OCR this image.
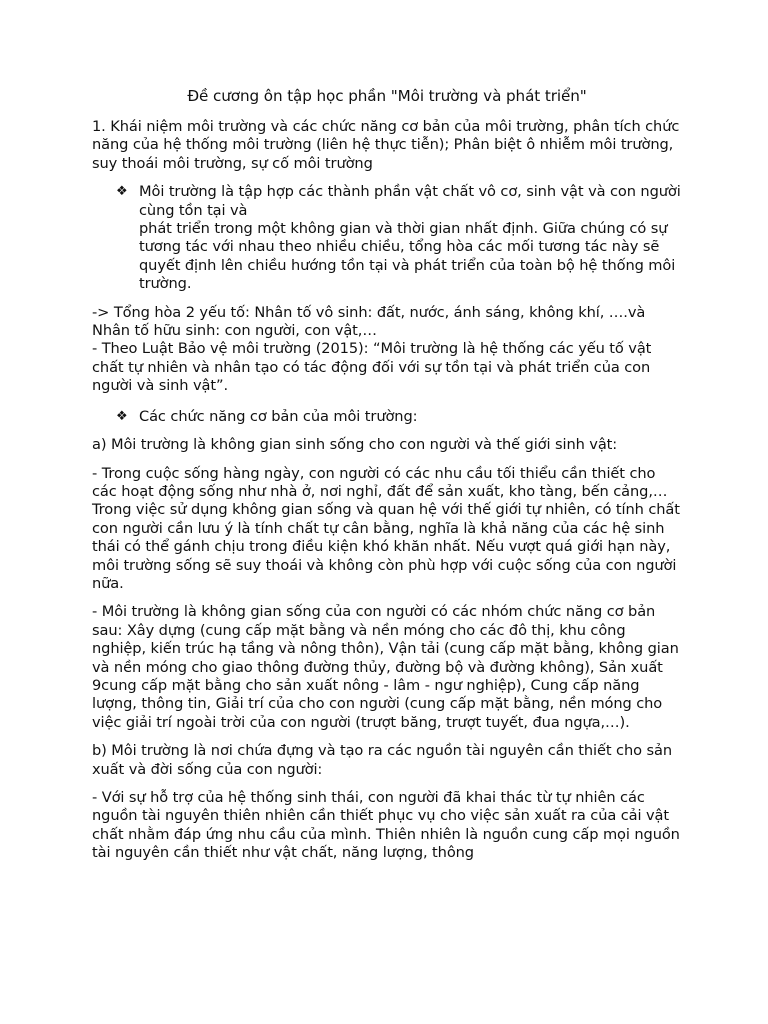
Đề cương ôn tập học phần "Môi trường và phát triển"

1. Khái niệm môi trường và các chức năng cơ bản của môi trường, phân tích chức năng của hệ thống môi trường (liên hệ thực tiễn); Phân biệt ô nhiễm môi trường, suy thoái môi trường, sự cố môi trường

❖ Môi trường là tập hợp các thành phần vật chất vô cơ, sinh vật và con người cùng tồn tại và
phát triển trong một không gian và thời gian nhất định. Giữa chúng có sự tương tác với nhau theo nhiều chiều, tổng hòa các mối tương tác này sẽ quyết định lên chiều hướng tồn tại và phát triển của toàn bộ hệ thống môi trường.
-> Tổng hòa 2 yếu tố: Nhân tố vô sinh: đất, nước, ánh sáng, không khí, ….và Nhân tố hữu sinh: con người, con vật,…
- Theo Luật Bảo vệ môi trường (2015): “Môi trường là hệ thống các yếu tố vật chất tự nhiên và nhân tạo có tác động đối với sự tồn tại và phát triển của con người và sinh vật”.
❖ Các chức năng cơ bản của môi trường:

a) Môi trường là không gian sinh sống cho con người và thế giới sinh vật:

- Trong cuộc sống hàng ngày, con người có các nhu cầu tối thiểu cần thiết cho các hoạt động sống như nhà ở, nơi nghỉ, đất để sản xuất, kho tàng, bến cảng,… Trong việc sử dụng không gian sống và quan hệ với thế giới tự nhiên, có tính chất con người cần lưu ý là tính chất tự cân bằng, nghĩa là khả năng của các hệ sinh thái có thể gánh chịu trong điều kiện khó khăn nhất. Nếu vượt quá giới hạn này, môi trường sống sẽ suy thoái và không còn phù hợp với cuộc sống của con người nữa.

- Môi trường là không gian sống của con người có các nhóm chức năng cơ bản sau: Xây dựng (cung cấp mặt bằng và nền móng cho các đô thị, khu công nghiệp, kiến trúc hạ tầng và nông thôn), Vận tải (cung cấp mặt bằng, không gian và nền móng cho giao thông đường thủy, đường bộ và đường không), Sản xuất 9cung cấp mặt bằng cho sản xuất nông - lâm - ngư nghiệp), Cung cấp năng lượng, thông tin, Giải trí của cho con người (cung cấp mặt bằng, nền móng cho việc giải trí ngoài trời của con người (trượt băng, trượt tuyết, đua ngựa,…).

b) Môi trường là nơi chứa đựng và tạo ra các nguồn tài nguyên cần thiết cho sản xuất và đời sống của con người:

- Với sự hỗ trợ của hệ thống sinh thái, con người đã khai thác từ tự nhiên các nguồn tài nguyên thiên nhiên cần thiết phục vụ cho việc sản xuất ra của cải vật chất nhằm đáp ứng nhu cầu của mình. Thiên nhiên là nguồn cung cấp mọi nguồn tài nguyên cần thiết như vật chất, năng lượng, thông
